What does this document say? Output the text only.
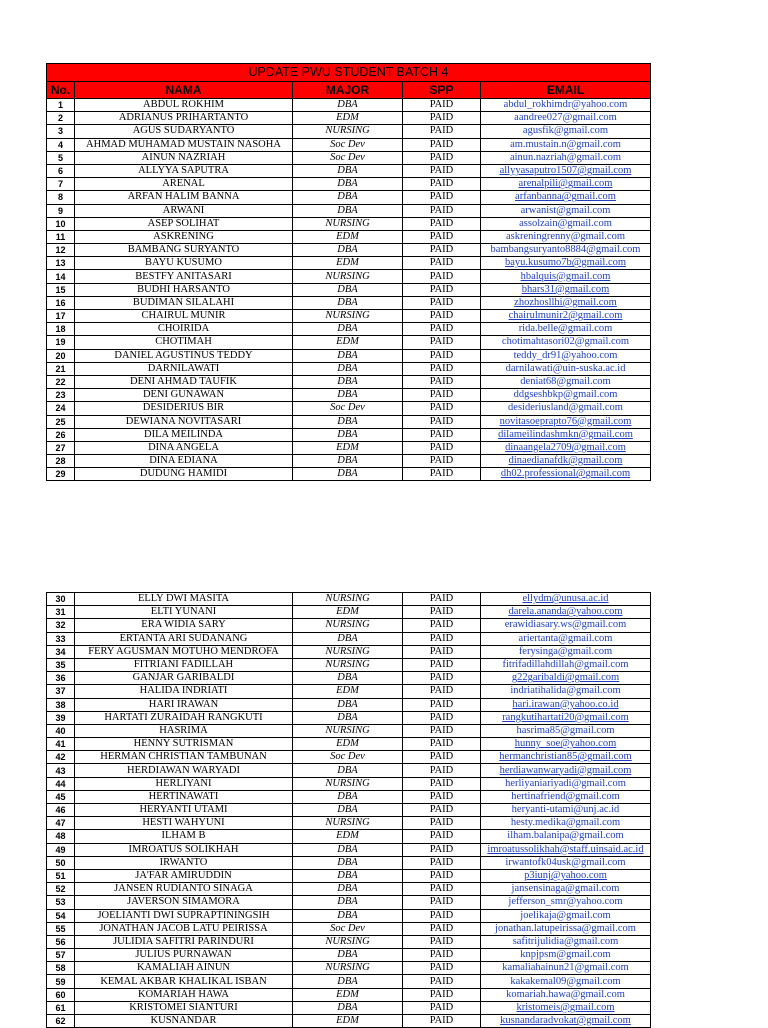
UPDATE PWU STUDENT BATCH 4				
No.	NAMA	MAJOR	SPP	EMAIL
1	ABDUL ROKHIM	DBA	PAID	abdul_rokhimdr@yahoo.com
2	ADRIANUS PRIHARTANTO	EDM	PAID	aandree027@gmail.com
3	AGUS SUDARYANTO	NURSING	PAID	agusfik@gmail.com
4	AHMAD MUHAMAD MUSTAIN NASOHA	Soc Dev	PAID	am.mustain.n@gmail.com
5	AINUN NAZRIAH	Soc Dev	PAID	ainun.nazriah@gmail.com
6	ALLYYA SAPUTRA	DBA	PAID	allyyasaputro1507@gmail.com
7	ARENAL	DBA	PAID	arenalpili@gmail.com
8	ARFAN HALIM BANNA	DBA	PAID	arfanbanna@gmail.com
9	ARWANI	DBA	PAID	arwanist@gmail.com
10	ASEP SOLIHAT	NURSING	PAID	assolzain@gmail.com
11	ASKRENING	EDM	PAID	askreningrenny@gmail.com
12	BAMBANG SURYANTO	DBA	PAID	bambangsuryanto8884@gmail.com
13	BAYU KUSUMO	EDM	PAID	bayu.kusumo7b@gmail.com
14	BESTFY ANITASARI	NURSING	PAID	hbalquis@gmail.com
15	BUDHI HARSANTO	DBA	PAID	bhars31@gmail.com
16	BUDIMAN SILALAHI	DBA	PAID	zhozhosllhi@gmail.com
17	CHAIRUL MUNIR	NURSING	PAID	chairulmunir2@gmail.com
18	CHOIRIDA	DBA	PAID	rida.belle@gmail.com
19	CHOTIMAH	EDM	PAID	chotimahtasori02@gmail.com
20	DANIEL AGUSTINUS TEDDY	DBA	PAID	teddy_dr91@yahoo.com
21	DARNILAWATI	DBA	PAID	darnilawati@uin-suska.ac.id
22	DENI AHMAD TAUFIK	DBA	PAID	deniat68@gmail.com
23	DENI GUNAWAN	DBA	PAID	ddgseshbkp@gmail.com
24	DESIDERIUS BIR	Soc Dev	PAID	desideriusland@gmail.com
25	DEWIANA NOVITASARI	DBA	PAID	novitasoeprapto76@gmail.com
26	DILA MEILINDA	DBA	PAID	dilameilindashmkn@gmail.com
27	DINA ANGELA	EDM	PAID	dinaangela2709@gmail.com
28	DINA EDIANA	DBA	PAID	dinaedianafdk@gmail.com
29	DUDUNG HAMIDI	DBA	PAID	dh02.professional@gmail.com
30	ELLY DWI MASITA	NURSING	PAID	ellydm@unusa.ac.id
31	ELTI YUNANI	EDM	PAID	darela.ananda@yahoo.com
32	ERA WIDIA SARY	NURSING	PAID	erawidiasary.ws@gmail.com
33	ERTANTA ARI SUDANANG	DBA	PAID	ariertanta@gmail.com
34	FERY AGUSMAN MOTUHO MENDROFA	NURSING	PAID	ferysinga@gmail.com
35	FITRIANI FADILLAH	NURSING	PAID	fitrifadillahdillah@gmail.com
36	GANJAR GARIBALDI	DBA	PAID	g22garibaldi@gmail.com
37	HALIDA INDRIATI	EDM	PAID	indriatihalida@gmail.com
38	HARI IRAWAN	DBA	PAID	hari.irawan@yahoo.co.id
39	HARTATI ZURAIDAH RANGKUTI	DBA	PAID	rangkutihartati20@gmail.com
40	HASRIMA	NURSING	PAID	hasrima85@gmail.com
41	HENNY SUTRISMAN	EDM	PAID	hunny_soe@yahoo.com
42	HERMAN CHRISTIAN TAMBUNAN	Soc Dev	PAID	hermanchristian85@gmail.com
43	HERDIAWAN WARYADI	DBA	PAID	herdiawanwaryadi@gmail.com
44	HERLIYANI	NURSING	PAID	herliyaniariyadi@gmail.com
45	HERTINAWATI	DBA	PAID	hertinafriend@gmail.com
46	HERYANTI UTAMI	DBA	PAID	heryanti-utami@unj.ac.id
47	HESTI WAHYUNI	NURSING	PAID	hesty.medika@gmail.com
48	ILHAM B	EDM	PAID	ilham.balanipa@gmail.com
49	IMROATUS SOLIKHAH	DBA	PAID	imroatussolikhah@staff.uinsaid.ac.id
50	IRWANTO	DBA	PAID	irwantofk04usk@gmail.com
51	JA'FAR AMIRUDDIN	DBA	PAID	p3iunj@yahoo.com
52	JANSEN RUDIANTO SINAGA	DBA	PAID	jansensinaga@gmail.com
53	JAVERSON SIMAMORA	DBA	PAID	jefferson_smr@yahoo.com
54	JOELIANTI DWI SUPRAPTININGSIH	DBA	PAID	joelikaja@gmail.com
55	JONATHAN JACOB LATU PEIRISSA	Soc Dev	PAID	jonathan.latupeirissa@gmail.com
56	JULIDIA SAFITRI PARINDURI	NURSING	PAID	safitrijulidia@gmail.com
57	JULIUS PURNAWAN	DBA	PAID	knpjpsm@gmail.com
58	KAMALIAH AINUN	NURSING	PAID	kamaliahainun21@gmail.com
59	KEMAL AKBAR KHALIKAL ISBAN	DBA	PAID	kakakemal09@gmail.com
60	KOMARIAH HAWA	EDM	PAID	komariah.hawa@gmail.com
61	KRISTOMEI SIANTURI	DBA	PAID	kristomeis@gmail.com
62	KUSNANDAR	EDM	PAID	kusnandaradvokat@gmail.com
